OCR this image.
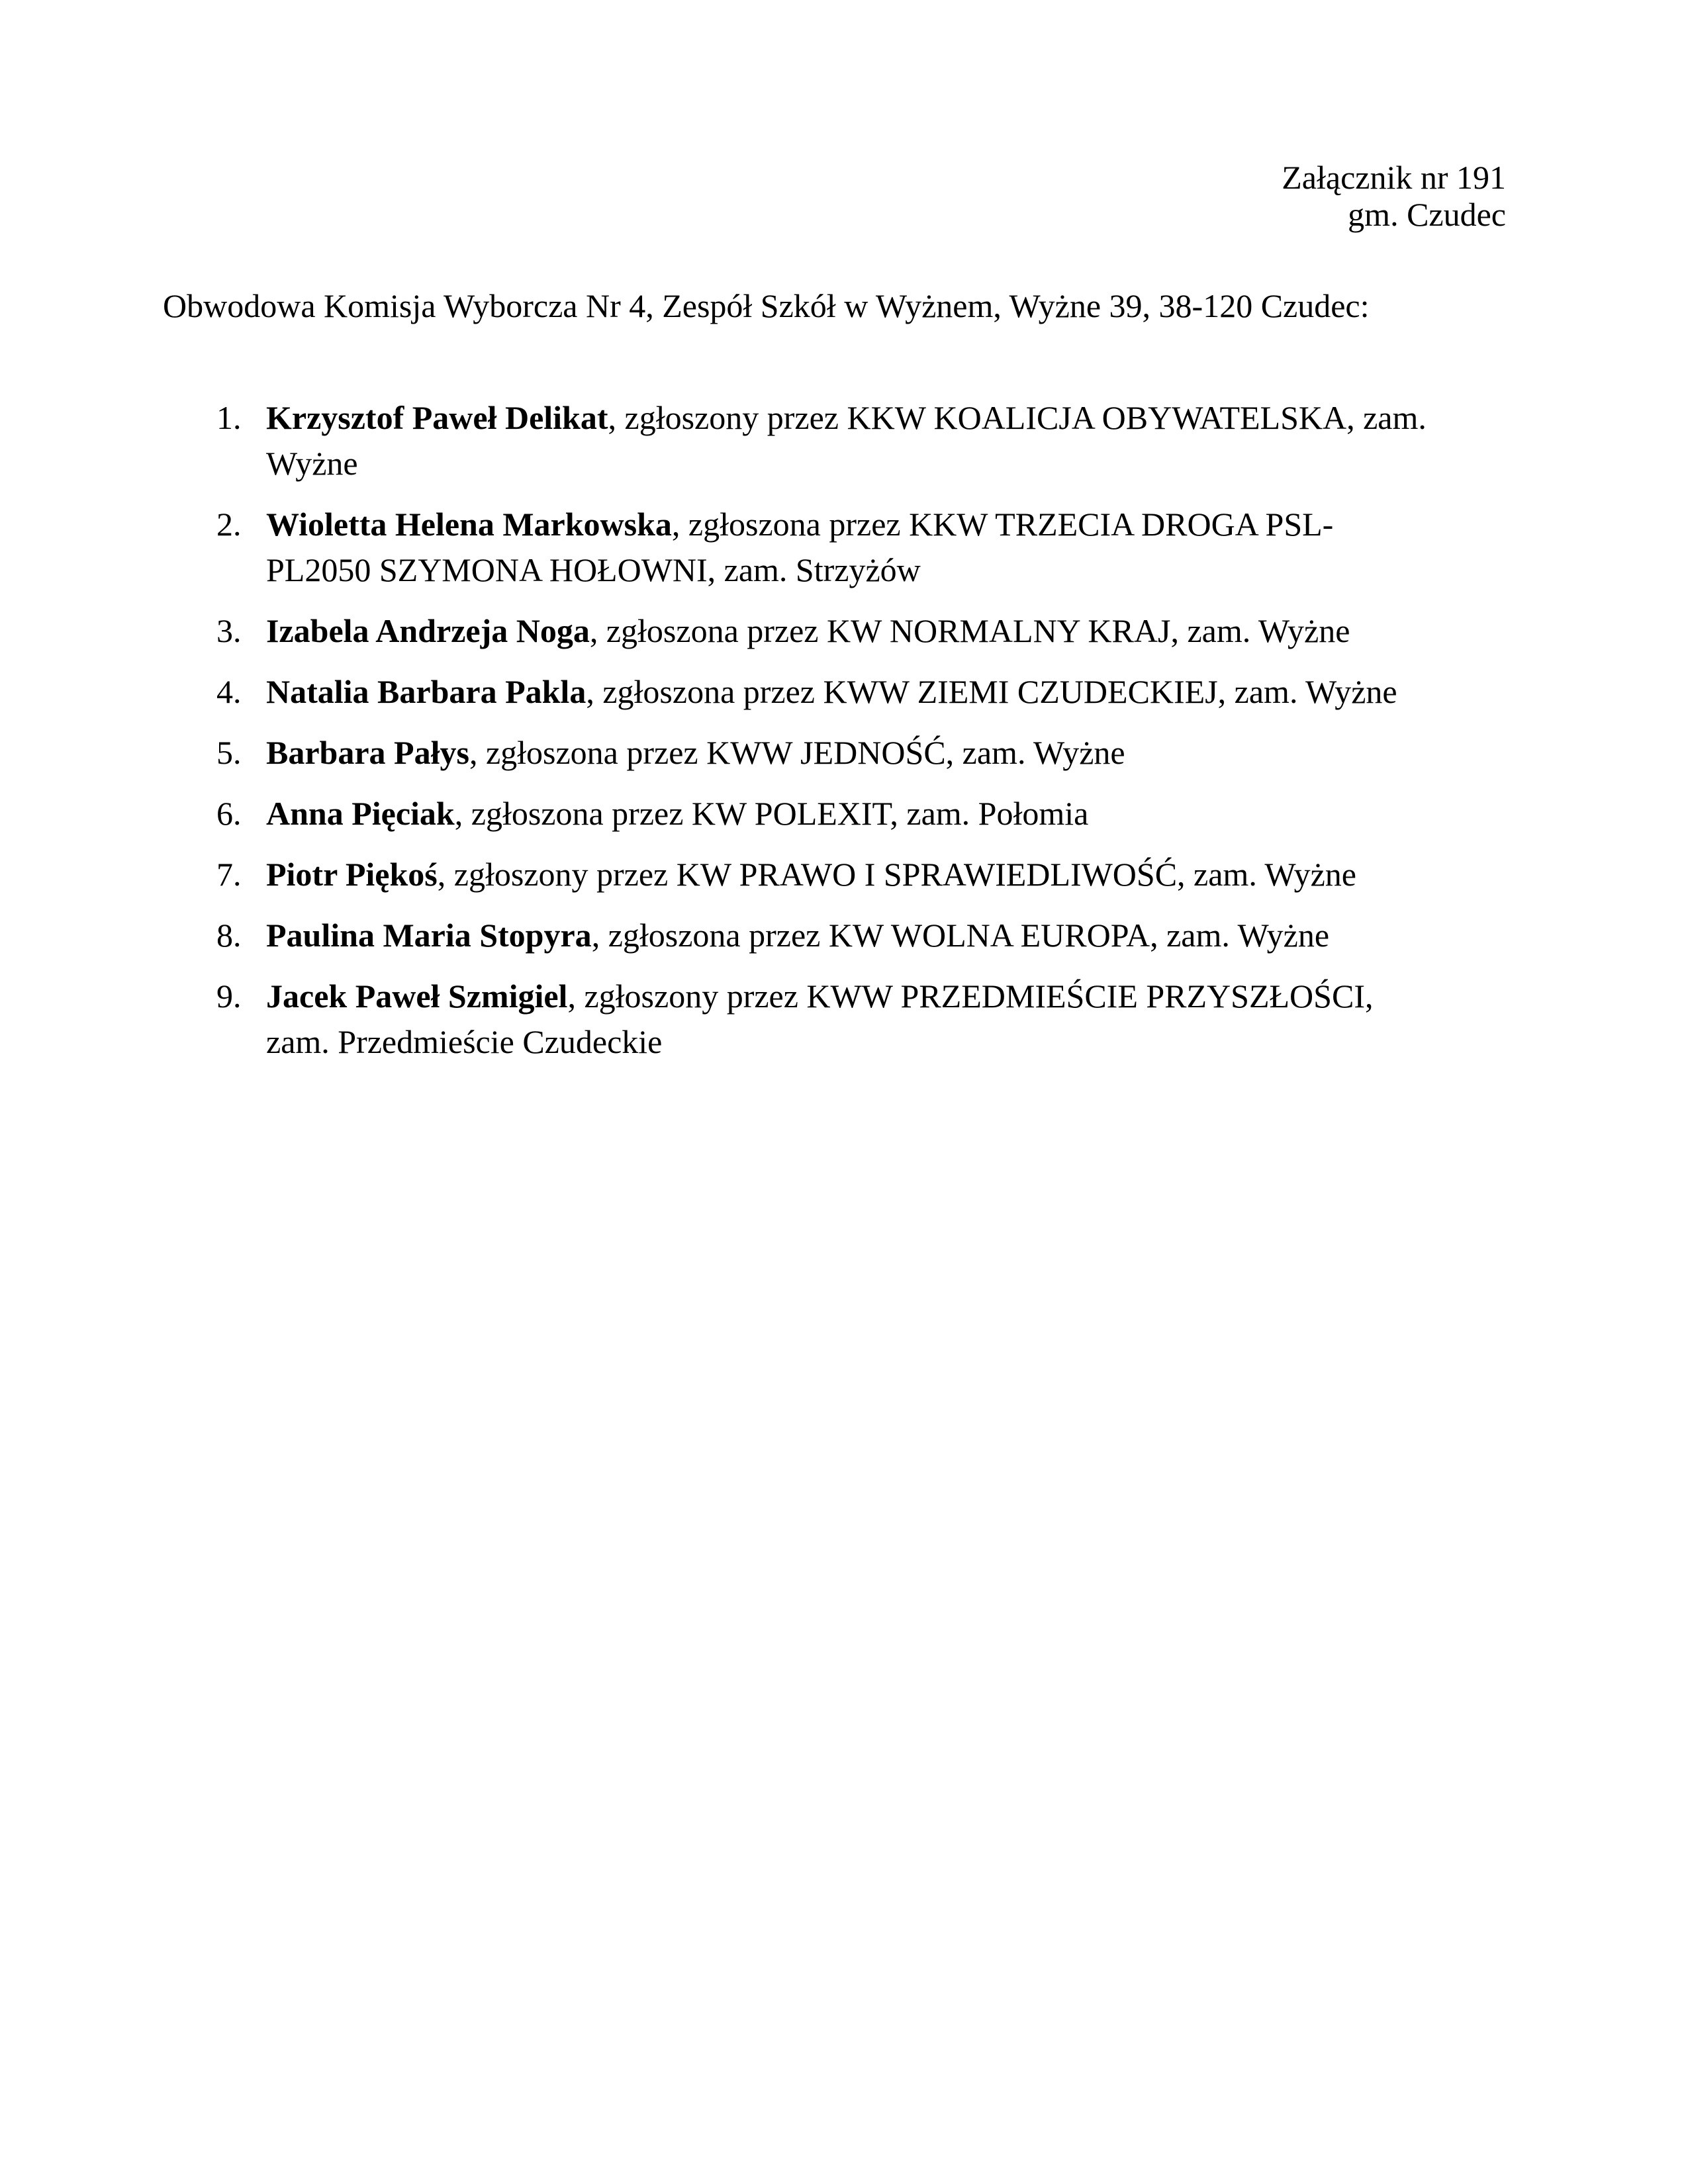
Załącznik nr 191
gm. Czudec
Obwodowa Komisja Wyborcza Nr 4, Zespół Szkół w Wyżnem, Wyżne 39, 38-120 Czudec:
1. Krzysztof Paweł Delikat, zgłoszony przez KKW KOALICJA OBYWATELSKA, zam. Wyżne
2. Wioletta Helena Markowska, zgłoszona przez KKW TRZECIA DROGA PSL-PL2050 SZYMONA HOŁOWNI, zam. Strzyżów
3. Izabela Andrzeja Noga, zgłoszona przez KW NORMALNY KRAJ, zam. Wyżne
4. Natalia Barbara Pakla, zgłoszona przez KWW ZIEMI CZUDECKIEJ, zam. Wyżne
5. Barbara Pałys, zgłoszona przez KWW JEDNOŚĆ, zam. Wyżne
6. Anna Pięciak, zgłoszona przez KW POLEXIT, zam. Połomia
7. Piotr Piękoś, zgłoszony przez KW PRAWO I SPRAWIEDLIWOŚĆ, zam. Wyżne
8. Paulina Maria Stopyra, zgłoszona przez KW WOLNA EUROPA, zam. Wyżne
9. Jacek Paweł Szmigiel, zgłoszony przez KWW PRZEDMIEŚCIE PRZYSZŁOŚCI, zam. Przedmieście Czudeckie
